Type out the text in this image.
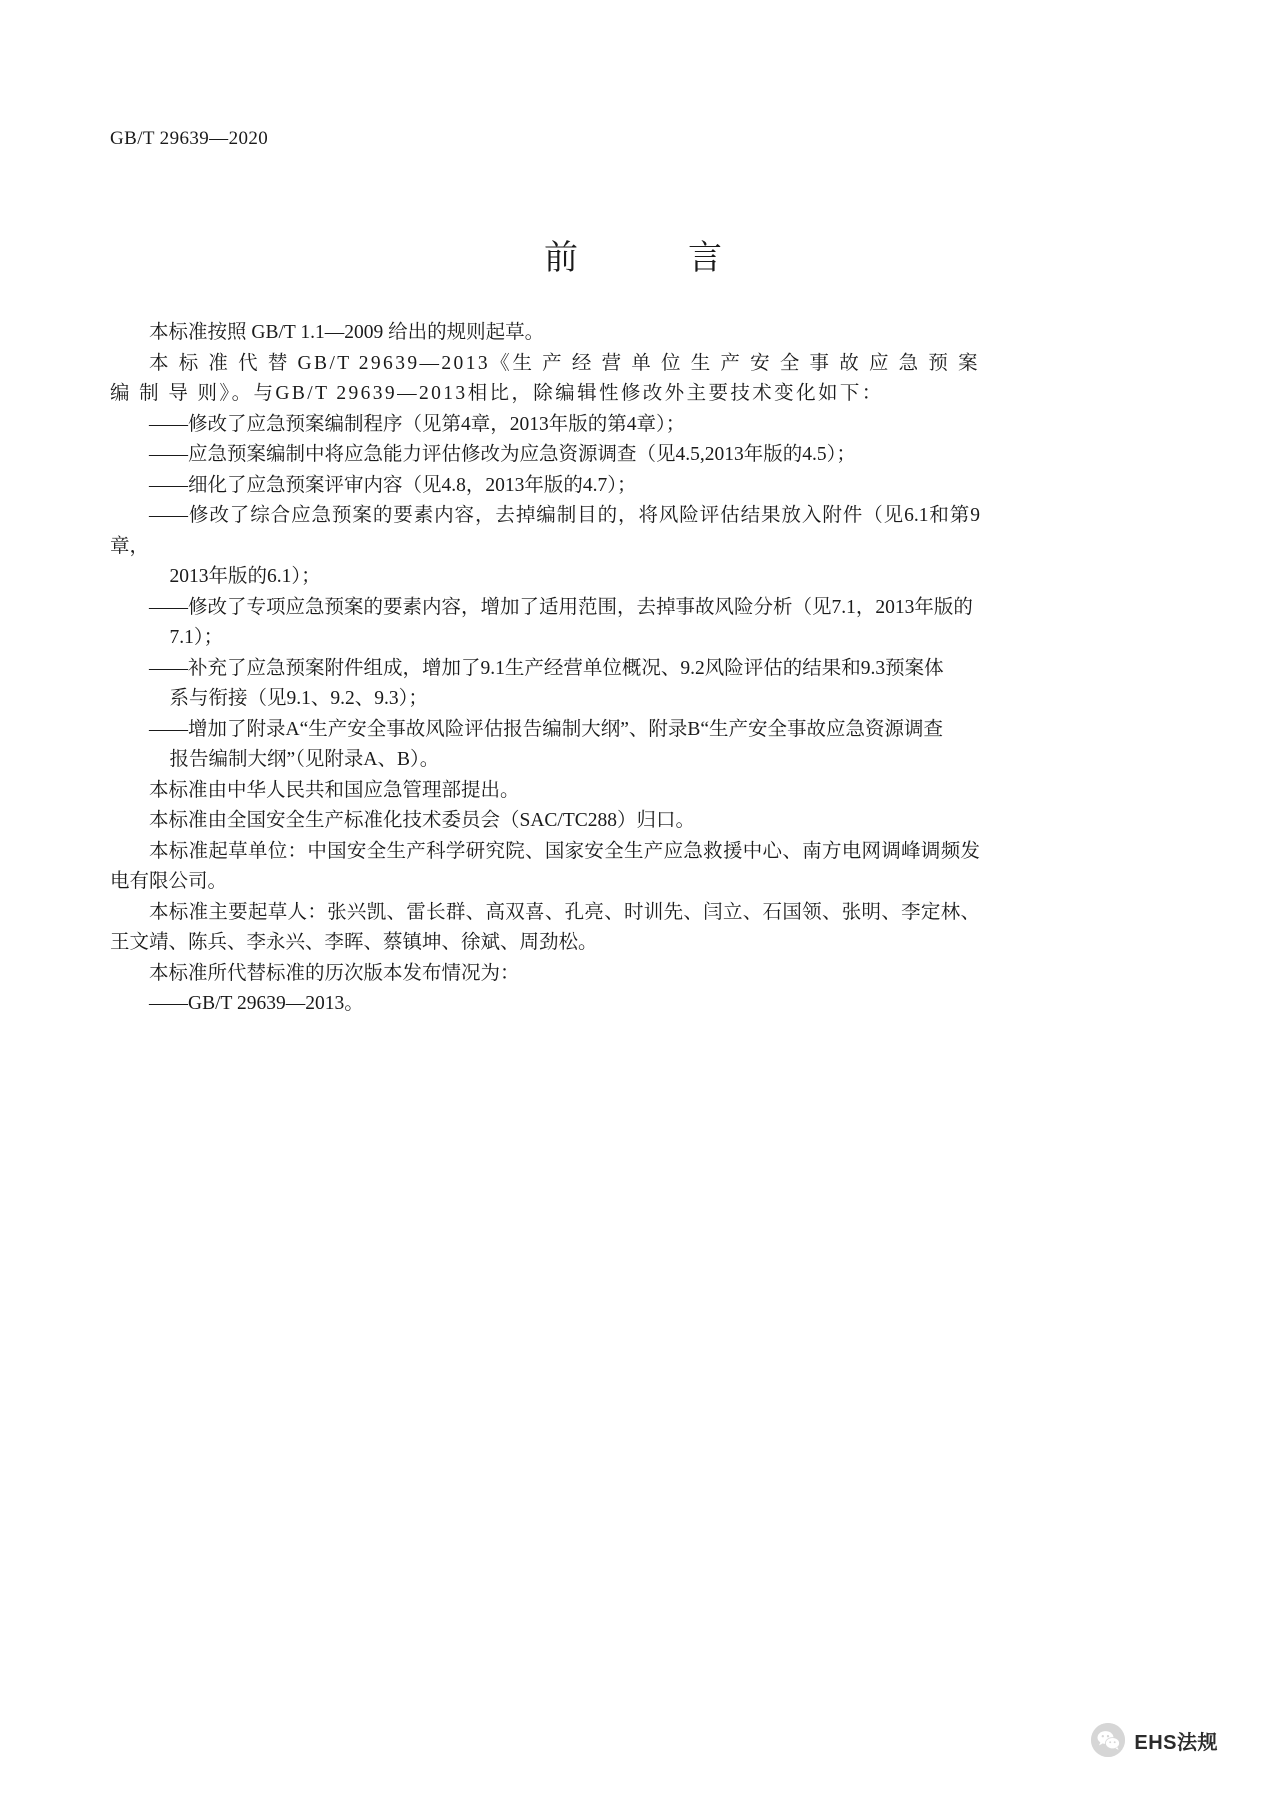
GB/T 29639—2020
前　　言

本标准按照 GB/T 1.1—2009 给出的规则起草。

本 标 准 代 替 GB/T 29639—2013《生 产 经 营 单 位 生 产 安 全 事 故 应 急 预 案 编 制 导 则》。与GB/T 29639—2013相比，除编辑性修改外主要技术变化如下：

——修改了应急预案编制程序（见第4章，2013年版的第4章）；

——应急预案编制中将应急能力评估修改为应急资源调查（见4.5,2013年版的4.5）；

——细化了应急预案评审内容（见4.8，2013年版的4.7）；

——修改了综合应急预案的要素内容，去掉编制目的，将风险评估结果放入附件（见6.1和第9章，
2013年版的6.1）；

——修改了专项应急预案的要素内容，增加了适用范围，去掉事故风险分析（见7.1，2013年版的
7.1）；

——补充了应急预案附件组成，增加了9.1生产经营单位概况、9.2风险评估的结果和9.3预案体
系与衔接（见9.1、9.2、9.3）；

——增加了附录A“生产安全事故风险评估报告编制大纲”、附录B“生产安全事故应急资源调查
报告编制大纲”（见附录A、B）。

本标准由中华人民共和国应急管理部提出。

本标准由全国安全生产标准化技术委员会（SAC/TC288）归口。

本标准起草单位：中国安全生产科学研究院、国家安全生产应急救援中心、南方电网调峰调频发电有限公司。

本标准主要起草人：张兴凯、雷长群、高双喜、孔亮、时训先、闫立、石国领、张明、李定林、王文靖、陈兵、李永兴、李晖、蔡镇坤、徐斌、周劲松。

本标准所代替标准的历次版本发布情况为：

——GB/T 29639—2013。

EHS法规
